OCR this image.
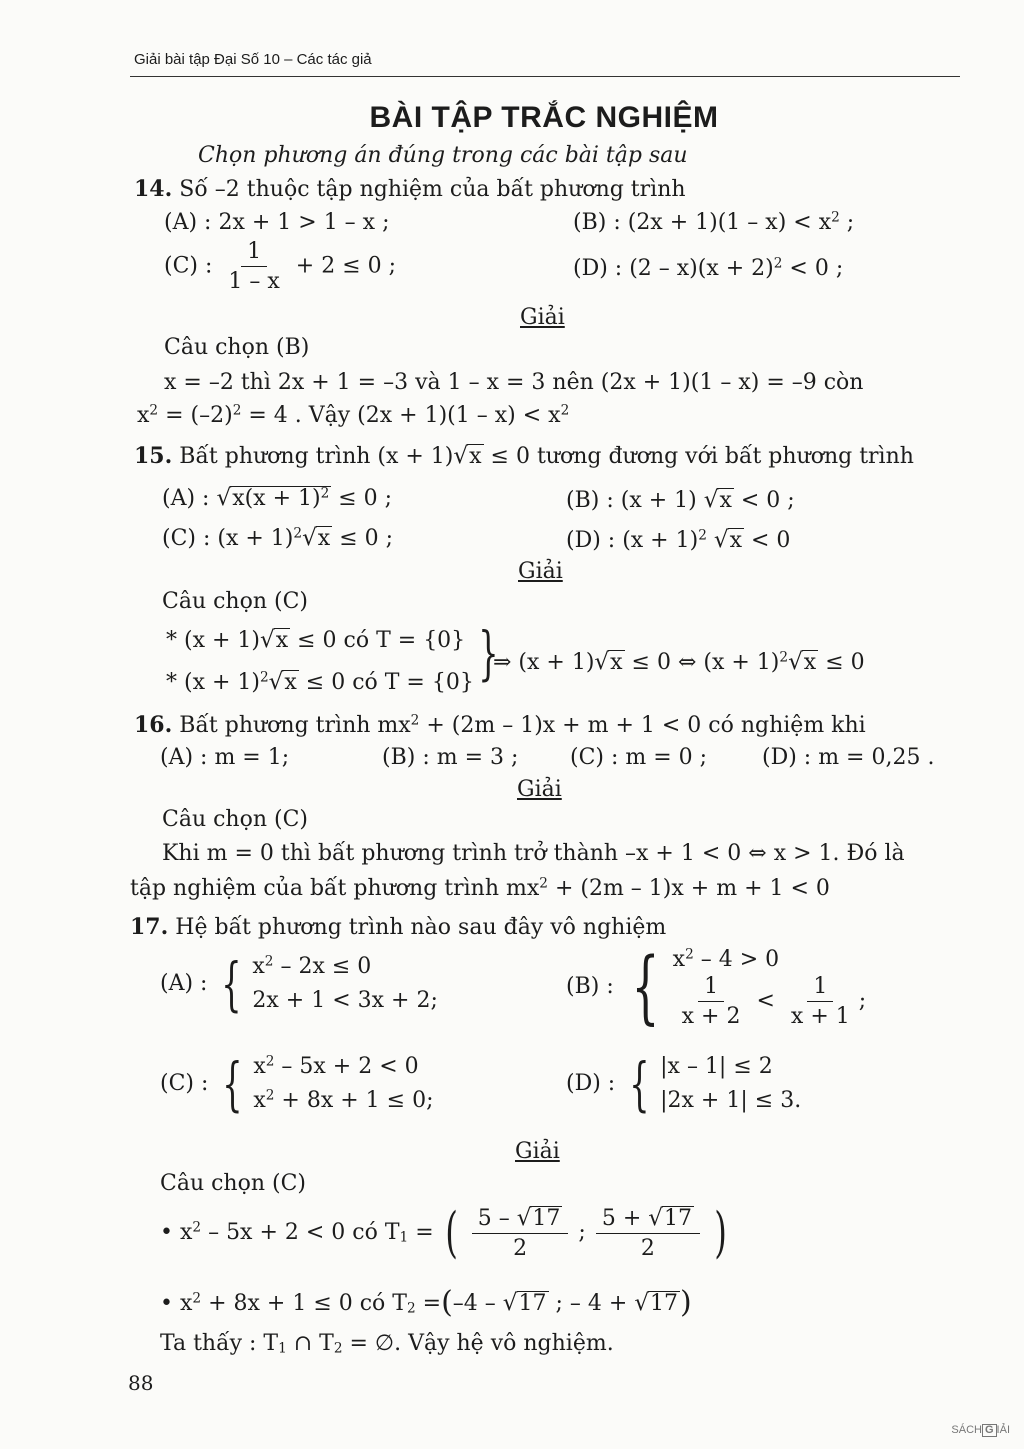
Giải bài tập Đại Số 10 – Các tác giả
BÀI TẬP TRẮC NGHIỆM
Chọn phương án đúng trong các bài tập sau
14. Số –2 thuộc tập nghiệm của bất phương trình
(A) : 2x + 1 > 1 – x ;	(B) : $(2x + 1)(1 - x) < x^2$ ;
(C) : $\frac{1}{1 - x} + 2 \le 0$ ;	(D) : $(2 - x)(x + 2)^2 < 0$ ;
Giải
Câu chọn (B)
x = –2 thì 2x + 1 = –3 và 1 – x = 3 nên (2x + 1)(1 – x) = –9 còn
$x^2 = (-2)^2 = 4$ . Vậy $(2x + 1)(1 - x) < x^2$
15. Bất phương trình (x + 1)√x ≤ 0 tương đương với bất phương trình
(A) : $√x(x + 1)^2 \le 0$ ;	(B) : (x + 1) √x < 0 ;
(C) : $(x + 1)^2√x \le 0$ ;	(D) : $(x + 1)^2$ √x < 0
Giải
Câu chọn (C)
* (x + 1)√x ≤ 0 có T = {0}
* $(x + 1)^2√x \le 0$ có T = {0} }
⇒ (x + 1)√x ≤ 0 ⇔ $(x + 1)^2√x \le 0$
16. Bất phương trình $mx^2 + (2m - 1)x + m + 1 < 0$ có nghiệm khi
(A) : m = 1;	(B) : m = 3 ; (C) : m = 0 ; (D) : m = 0,25 .
Giải
Câu chọn (C)
Khi m = 0 thì bất phương trình trở thành –x + 1 < 0 ⇔ x > 1. Đó là
tập nghiệm của bất phương trình $mx^2 + (2m - 1)x + m + 1 < 0$
17. Hệ bất phương trình nào sau đây vô nghiệm
(A) : { $x^2 - 2x \le 0$
2x + 1 < 3x + 2;
(B) : { $x^2 - 4 > 0$
$\frac{1}{x + 2} < \frac{1}{x + 1}$ ;
(C) : { $x^2 - 5x + 2 < 0$
$x^2 + 8x + 1 \le 0$;
(D) : { |x – 1| ≤ 2
|2x + 1| ≤ 3.
Giải
Câu chọn (C)
• $x^2 - 5x + 2 < 0$ có $T_1$ = ( $\frac{5 - √17}{2}$ ; $\frac{5 + √17}{2}$ )
• $x^2 + 8x + 1 \le 0$ có $T_2 =(-4 - √17$ ; – 4 + √17)
Ta thấy : $T_1$ ∩ $T_2$ = ∅. Vậy hệ vô nghiệm.
88
SÁCH G IẢI
